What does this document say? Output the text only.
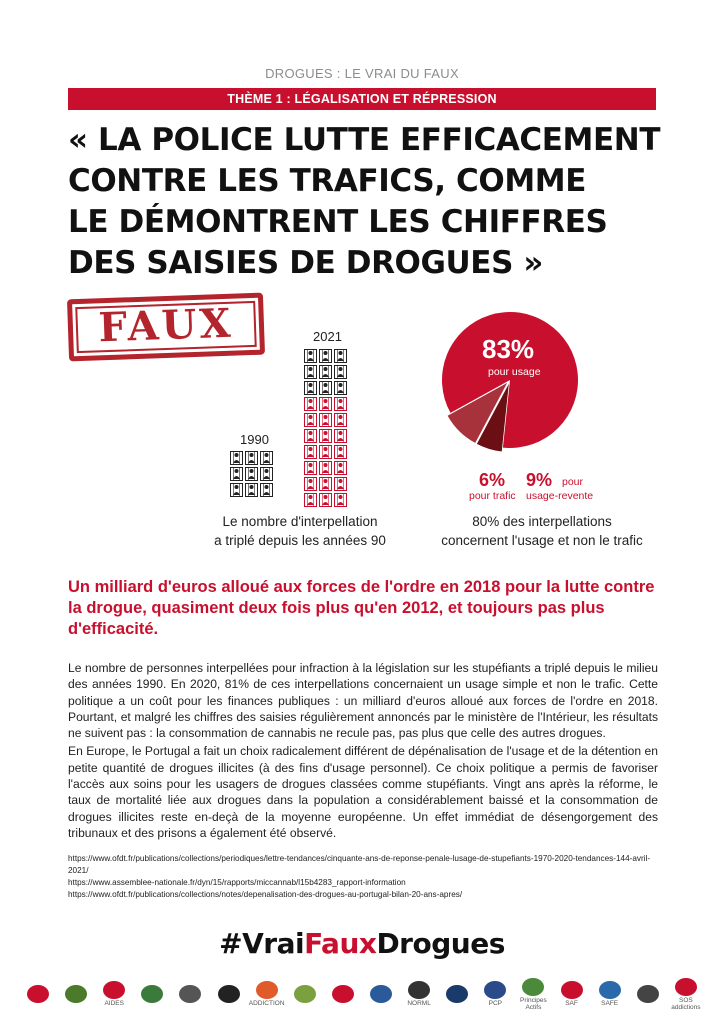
DROGUES : LE VRAI DU FAUX
THÈME 1 : LÉGALISATION ET RÉPRESSION
« LA POLICE LUTTE EFFICACEMENT
CONTRE LES TRAFICS, COMME
LE DÉMONTRENT LES CHIFFRES
DES SAISIES DE DROGUES »
FAUX
1990
2021
Le nombre d'interpellation
a triplé depuis les années 90
83%
pour usage
6%
pour trafic
9% pour
usage-revente
80% des interpellations
concernent l'usage et non le trafic
Un milliard d'euros alloué aux forces de l'ordre en 2018 pour la lutte contre la drogue, quasiment deux fois plus qu'en 2012, et toujours pas plus d'efficacité.

Le nombre de personnes interpellées pour infraction à la législation sur les stupéfiants a triplé depuis le milieu des années 1990. En 2020, 81% de ces interpellations concernaient un usage simple et non le trafic. Cette politique a un coût pour les finances publiques : un milliard d'euros alloué aux forces de l'ordre en 2018. Pourtant, et malgré les chiffres des saisies régulièrement annoncés par le ministère de l'Intérieur, les résultats ne suivent pas : la consommation de cannabis ne recule pas, pas plus que celle des autres drogues.

En Europe, le Portugal a fait un choix radicalement différent de dépénalisation de l'usage et de la détention en petite quantité de drogues illicites (à des fins d'usage personnel). Ce choix politique a permis de favoriser l'accès aux soins pour les usagers de drogues classées comme stupéfiants. Vingt ans après la réforme, le taux de mortalité liée aux drogues dans la population a considérablement baissé et la consommation de drogues illicites reste en-deçà de la moyenne européenne. Un effet immédiat de désengorgement des tribunaux et des prisons a également été observé.

https://www.ofdt.fr/publications/collections/periodiques/lettre-tendances/cinquante-ans-de-reponse-penale-lusage-de-stupefiants-1970-2020-tendances-144-avril-2021/
https://www.assemblee-nationale.fr/dyn/15/rapports/miccannab/l15b4283_rapport-information
https://www.ofdt.fr/publications/collections/notes/depenalisation-des-drogues-au-portugal-bilan-20-ans-apres/
#VraiFauxDrogues
AIDES	ADDICTION	NORML	PCP	Principes Actifs	SAF	SAFE	SOS addictions
